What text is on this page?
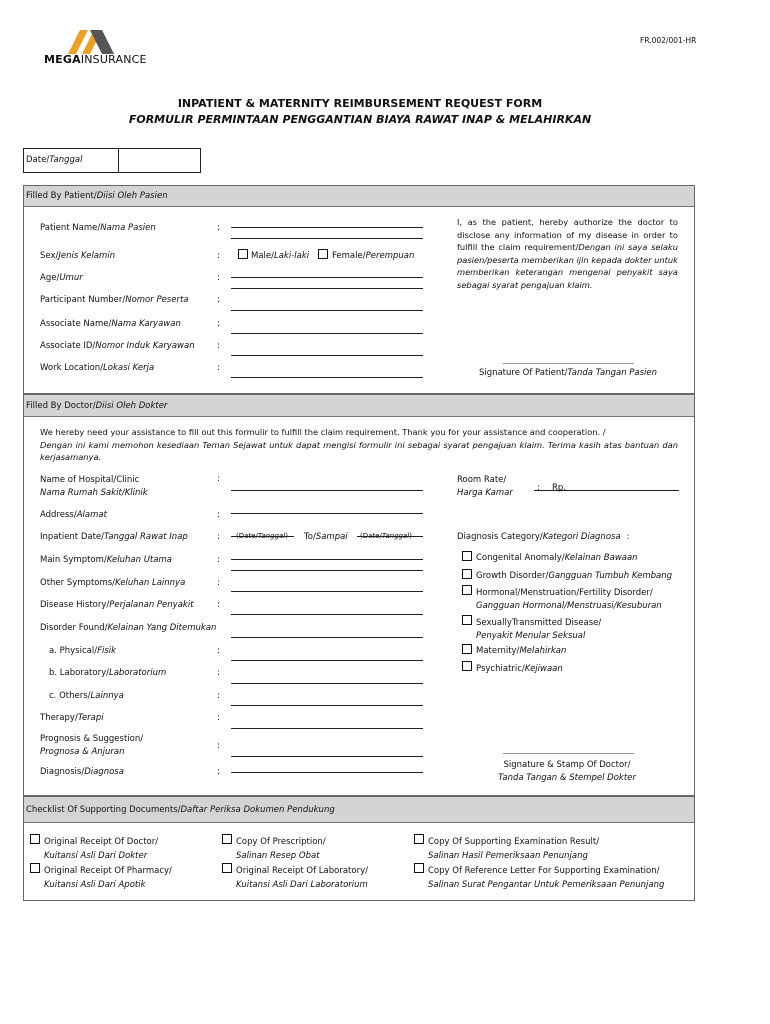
MEGAINSURANCE
FR.002/001-HR
INPATIENT & MATERNITY REIMBURSEMENT REQUEST FORM
FORMULIR PERMINTAAN PENGGANTIAN BIAYA RAWAT INAP & MELAHIRKAN
Date/Tanggal
Filled By Patient/Diisi Oleh Pasien
Patient Name/Nama Pasien	:
Sex/Jenis Kelamin	:	Male/Laki-laki	Female/Perempuan
Age/Umur	:
Participant Number/Nomor Peserta	:
Associate Name/Nama Karyawan	:
Associate ID/Nomor Induk Karyawan	:
Work Location/Lokasi Kerja	:
I, as the patient, hereby authorize the doctor to disclose any information of my disease in order to fulfill the claim requirement/Dengan ini saya selaku pasien/peserta memberikan ijin kepada dokter untuk memberikan keterangan mengenai penyakit saya sebagai syarat pengajuan klaim.
Signature Of Patient/Tanda Tangan Pasien
Filled By Doctor/Diisi Oleh Dokter
We hereby need your assistance to fill out this formulir to fulfill the claim requirement. Thank you for your assistance and cooperation. /
Dengan ini kami memohon kesediaan Teman Sejawat untuk dapat mengisi formulir ini sebagai syarat pengajuan klaim. Terima kasih atas bantuan dan kerjasamanya.
Name of Hospital/Clinic
Nama Rumah Sakit/Klinik
:
Address/Alamat	:
Inpatient Date/Tanggal Rawat Inap	: (Date/Tanggal) To/Sampai (Date/Tanggal)
Main Symptom/Keluhan Utama	:
Other Symptoms/Keluhan Lainnya	:
Disease History/Perjalanan Penyakit	:
Disorder Found/Kelainan Yang Ditemukan
a. Physical/Fisik	:
b. Laboratory/Laboratorium	:
c. Others/Lainnya	:
Therapy/Terapi	:
Prognosis & Suggestion/
Prognosa & Anjuran
:
Diagnosis/Diagnosa	:
Room Rate/
Harga Kamar	: Rp.
Diagnosis Category/Kategori Diagnosa :
Congenital Anomaly/Kelainan Bawaan
Growth Disorder/Gangguan Tumbuh Kembang
Hormonal/Menstruation/Fertility Disorder/
Gangguan Hormonal/Menstruasi/Kesuburan
SexuallyTransmitted Disease/
Penyakit Menular Seksual
Maternity/Melahirkan
Psychiatric/Kejiwaan
Signature & Stamp Of Doctor/
Tanda Tangan & Stempel Dokter
Checklist Of Supporting Documents/Daftar Periksa Dokumen Pendukung
Original Receipt Of Doctor/
Kuitansi Asli Dari Dokter
Copy Of Prescription/
Salinan Resep Obat
Copy Of Supporting Examination Result/
Salinan Hasil Pemeriksaan Penunjang
Original Receipt Of Pharmacy/
Kuitansi Asli Dari Apotik
Original Receipt Of Laboratory/
Kuitansi Asli Dari Laboratorium
Copy Of Reference Letter For Supporting Examination/
Salinan Surat Pengantar Untuk Pemeriksaan Penunjang
